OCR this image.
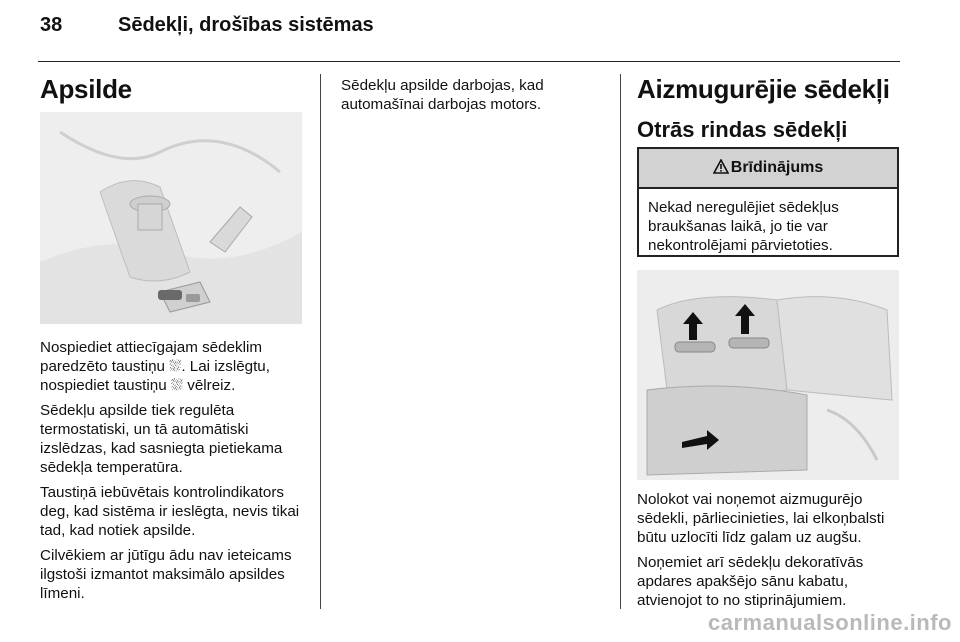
38	Sēdekļi, drošības sistēmas
Apsilde

Nospiediet attiecīgajam sēdeklim paredzēto taustiņu ⛆. Lai izslēgtu, nospiediet taustiņu ⛆ vēlreiz.

Sēdekļu apsilde tiek regulēta termostatiski, un tā automātiski izslēdzas, kad sasniegta pietiekama sēdekļa temperatūra.

Taustiņā iebūvētais kontrolindikators deg, kad sistēma ir ieslēgta, nevis tikai tad, kad notiek apsilde.

Cilvēkiem ar jūtīgu ādu nav ieteicams ilgstoši izmantot maksimālo apsildes līmeni.

Sēdekļu apsilde darbojas, kad automašīnai darbojas motors.

Aizmugurējie sēdekļi
Otrās rindas sēdekļi
Brīdinājums
Nekad neregulējiet sēdekļus braukšanas laikā, jo tie var nekontrolējami pārvietoties.

Nolokot vai noņemot aizmugurējo sēdekli, pārliecinieties, lai elkoņbalsti būtu uzlocīti līdz galam uz augšu.

Noņemiet arī sēdekļu dekoratīvās apdares apakšējo sānu kabatu, atvienojot to no stiprinājumiem.

carmanualsonline.info
